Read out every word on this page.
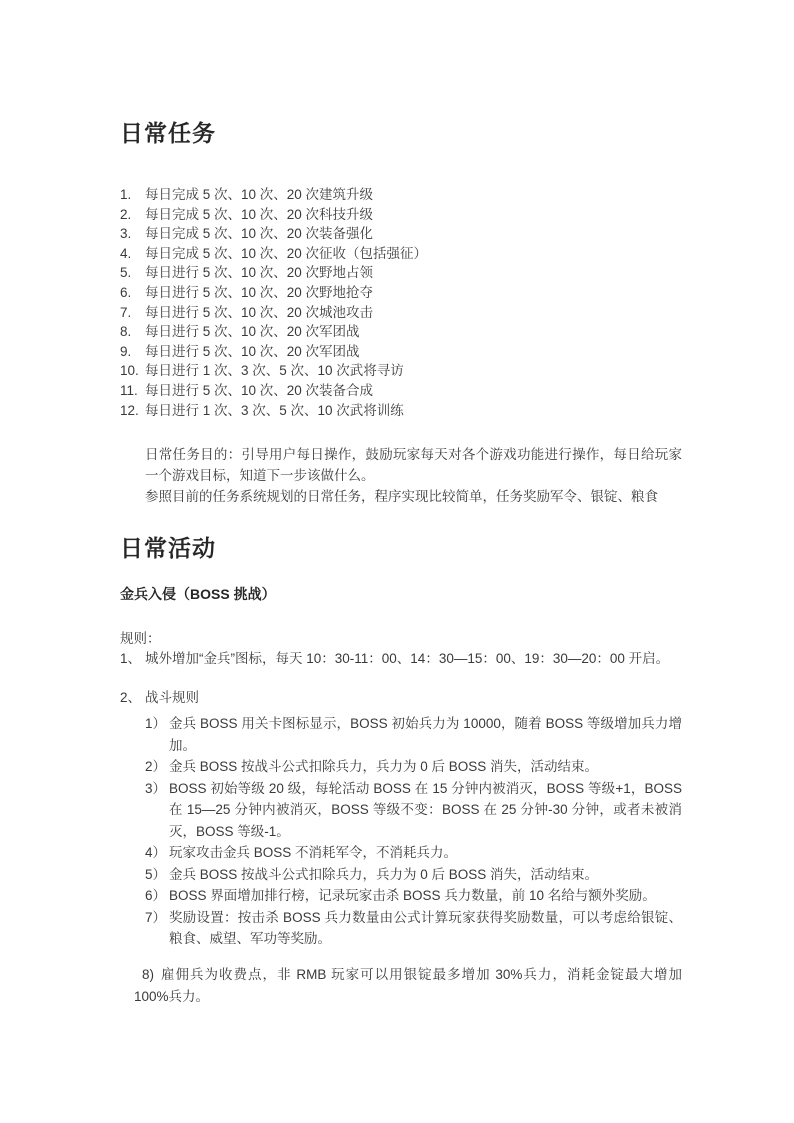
日常任务
1.	每日完成 5 次、10 次、20 次建筑升级
2.	每日完成 5 次、10 次、20 次科技升级
3.	每日完成 5 次、10 次、20 次装备强化
4.	每日完成 5 次、10 次、20 次征收（包括强征）
5.	每日进行 5 次、10 次、20 次野地占领
6.	每日进行 5 次、10 次、20 次野地抢夺
7.	每日进行 5 次、10 次、20 次城池攻击
8.	每日进行 5 次、10 次、20 次军团战
9.	每日进行 5 次、10 次、20 次军团战
10. 每日进行 1 次、3 次、5 次、10 次武将寻访
11. 每日进行 5 次、10 次、20 次装备合成
12. 每日进行 1 次、3 次、5 次、10 次武将训练

日常任务目的：引导用户每日操作，鼓励玩家每天对各个游戏功能进行操作，每日给玩家一个游戏目标，知道下一步该做什么。

参照目前的任务系统规划的日常任务，程序实现比较简单，任务奖励军令、银锭、粮食

日常活动
金兵入侵（BOSS 挑战）
规则：
1、 城外增加“金兵”图标，每天 10：30-11：00、14：30—15：00、19：30—20：00 开启。
2、 战斗规则
1） 金兵 BOSS 用关卡图标显示，BOSS 初始兵力为 10000，随着 BOSS 等级增加兵力增加。
2） 金兵 BOSS 按战斗公式扣除兵力，兵力为 0 后 BOSS 消失，活动结束。
3） BOSS 初始等级 20 级，每轮活动 BOSS 在 15 分钟内被消灭，BOSS 等级+1，BOSS 在 15—25 分钟内被消灭，BOSS 等级不变：BOSS 在 25 分钟-30 分钟，或者未被消灭，BOSS 等级-1。
4） 玩家攻击金兵 BOSS 不消耗军令，不消耗兵力。
5） 金兵 BOSS 按战斗公式扣除兵力，兵力为 0 后 BOSS 消失，活动结束。
6） BOSS 界面增加排行榜，记录玩家击杀 BOSS 兵力数量，前 10 名给与额外奖励。
7） 奖励设置：按击杀 BOSS 兵力数量由公式计算玩家获得奖励数量，可以考虑给银锭、粮食、威望、军功等奖励。
8) 雇佣兵为收费点，非 RMB 玩家可以用银锭最多增加 30%兵力，消耗金锭最大增加 100%兵力。
